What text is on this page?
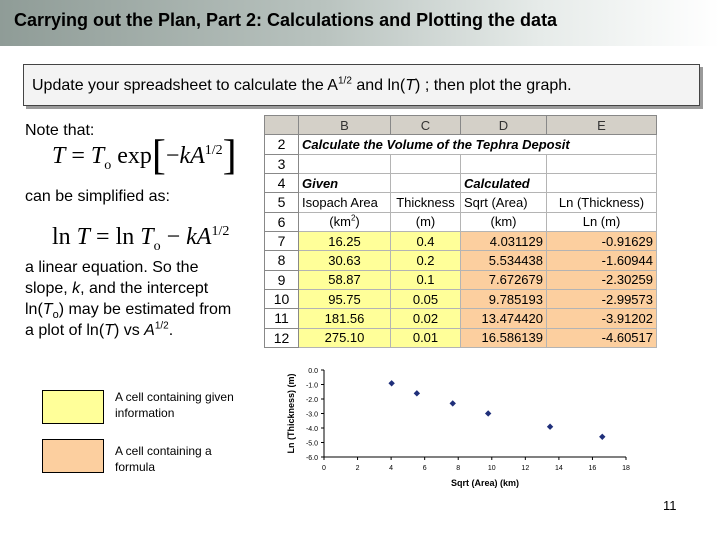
Carrying out the Plan, Part 2: Calculations and Plotting the data
Update your spreadsheet to calculate the $A^{1/2}$ and ln(T) ; then plot the graph.
Note that:
$T = T_o$ $\exp[-kA^{1/2}]$
can be simplified as:
$\ln T = \ln T_o - kA^{1/2}$
a linear equation. So the
slope, k, and the intercept
$\ln(T_o)$ may be estimated from
a plot of ln(T) vs $A^{1/2}$.
	B	C	D	E
2	Calculate the Volume of the Tephra Deposit			
3				
4	Given		Calculated	
5	Isopach Area	Thickness	Sqrt (Area)	Ln (Thickness)
6	$(km^2)$	(m)	(km)	Ln (m)
7	16.25	0.4	4.031129	-0.91629
8	30.63	0.2	5.534438	-1.60944
9	58.87	0.1	7.672679	-2.30259
10	95.75	0.05	9.785193	-2.99573
11	181.56	0.02	13.474420	-3.91202
12	275.10	0.01	16.586139	-4.60517
A cell containing given information
A cell containing a formula
0.0
-1.0
-2.0
-3.0
-4.0
-5.0
-6.0
0	2	4	6	8	10	12	14	16	18
Sqrt (Area) (km)
Ln (Thickness) (m)
11
